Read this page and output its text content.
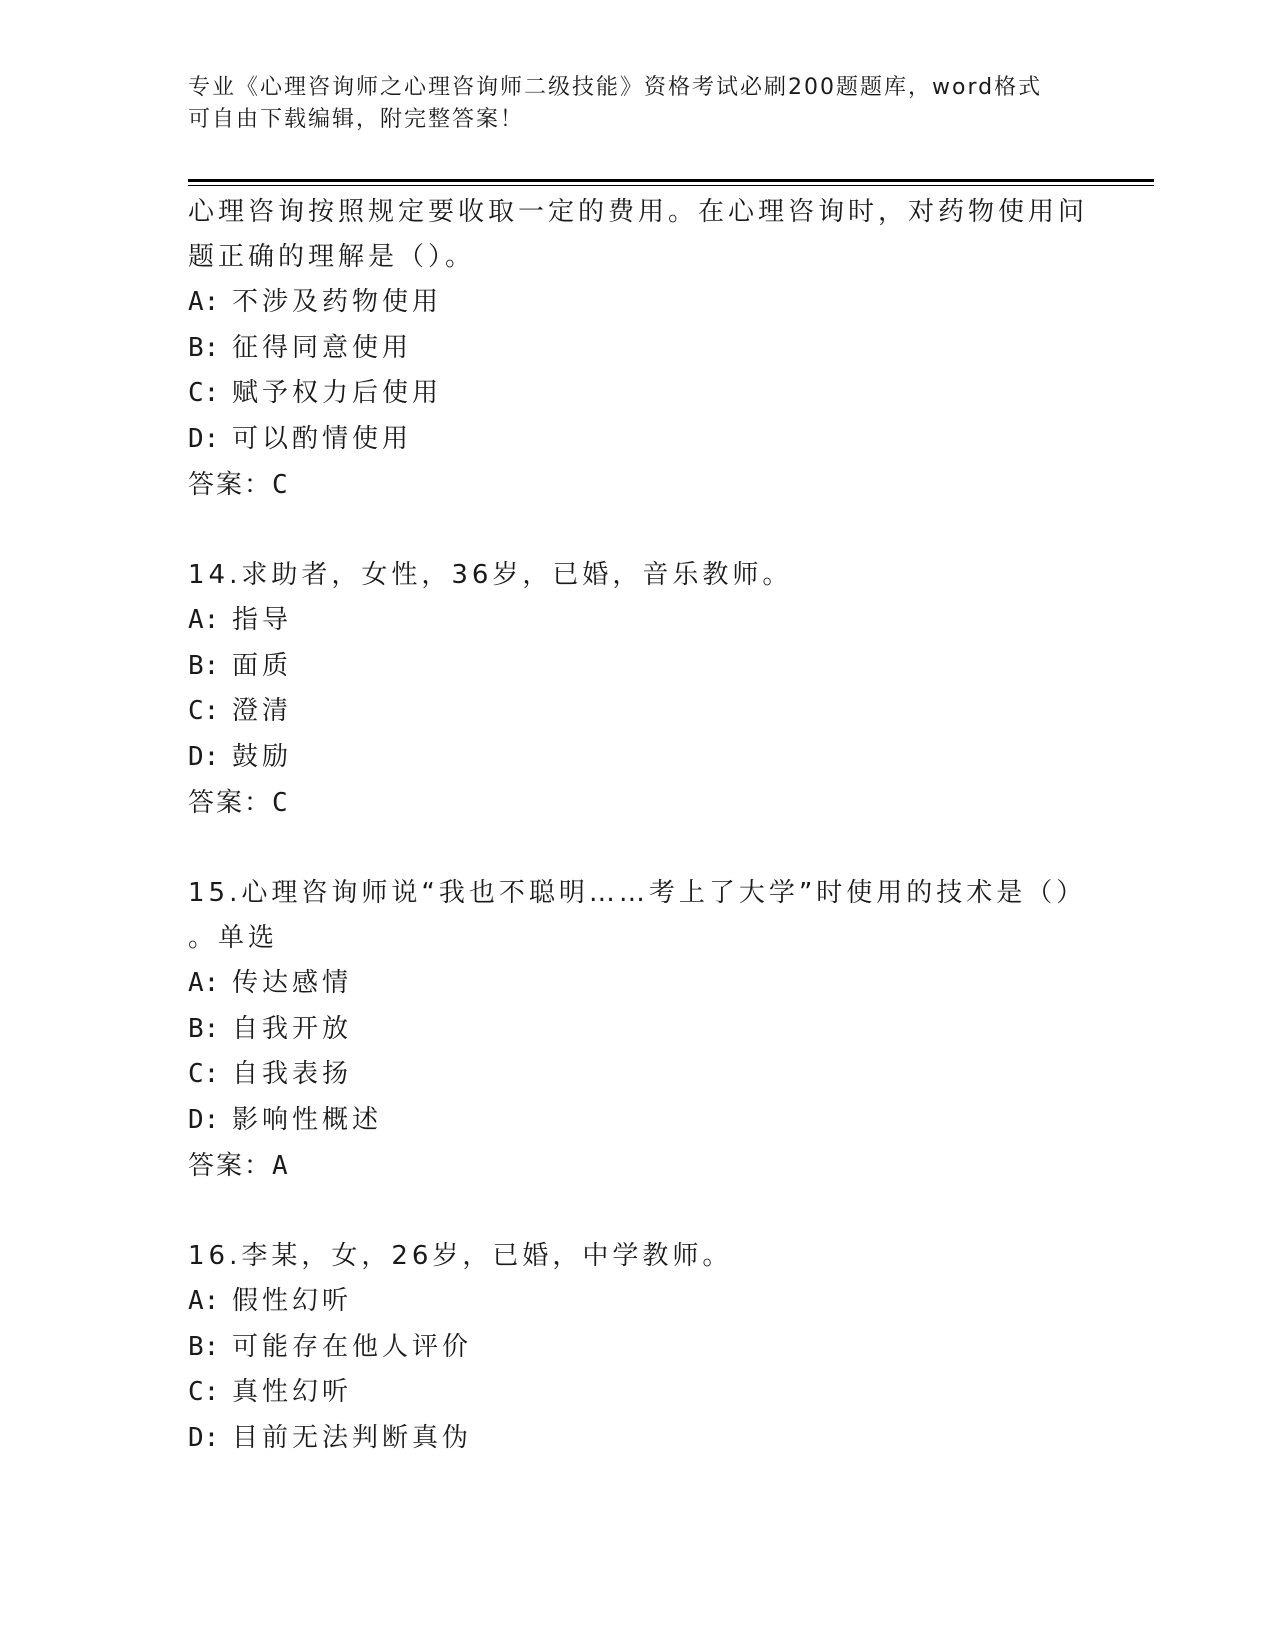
专业《心理咨询师之心理咨询师二级技能》资格考试必刷200题题库，word格式
可自由下载编辑，附完整答案！
心理咨询按照规定要收取一定的费用。在心理咨询时，对药物使用问
题正确的理解是（）。
A: 不涉及药物使用
B: 征得同意使用
C: 赋予权力后使用
D: 可以酌情使用
答案：C
14.求助者，女性，36岁，已婚，音乐教师。
A: 指导
B: 面质
C: 澄清
D: 鼓励
答案：C
15.心理咨询师说“我也不聪明……考上了大学”时使用的技术是（）
。单选
A: 传达感情
B: 自我开放
C: 自我表扬
D: 影响性概述
答案：A
16.李某，女，26岁，已婚，中学教师。
A: 假性幻听
B: 可能存在他人评价
C: 真性幻听
D: 目前无法判断真伪
